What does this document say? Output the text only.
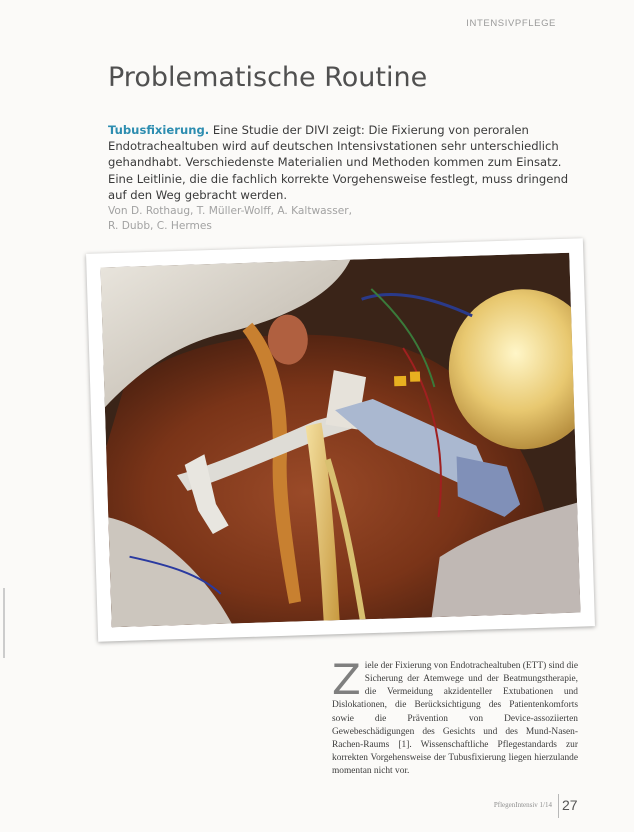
INTENSIVPFLEGE
Problematische Routine

Tubusfixierung. Eine Studie der DIVI zeigt: Die Fixierung von peroralen Endotrachealtuben wird auf deutschen Intensivstationen sehr unterschiedlich gehandhabt. Verschiedenste Materialien und Methoden kommen zum Einsatz. Eine Leitlinie, die die fachlich korrekte Vorgehensweise festlegt, muss dringend auf den Weg gebracht werden.

Von D. Rothaug, T. Müller-Wolff, A. Kaltwasser,
R. Dubb, C. Hermes

Ziele der Fixierung von Endotrachealtuben (ETT) sind die Sicherung der Atemwege und der Beatmungstherapie, die Vermeidung akzidenteller Extubationen und Dislokationen, die Berücksichtigung des Patientenkomforts sowie die Prävention von Device-assoziierten Gewebeschädigungen des Gesichts und des Mund-Nasen-Rachen-Raums [1]. Wissenschaftliche Pflegestandards zur korrekten Vorgehensweise der Tubusfixierung liegen hierzulande momentan nicht vor.

PflegenIntensiv 1/14 27
